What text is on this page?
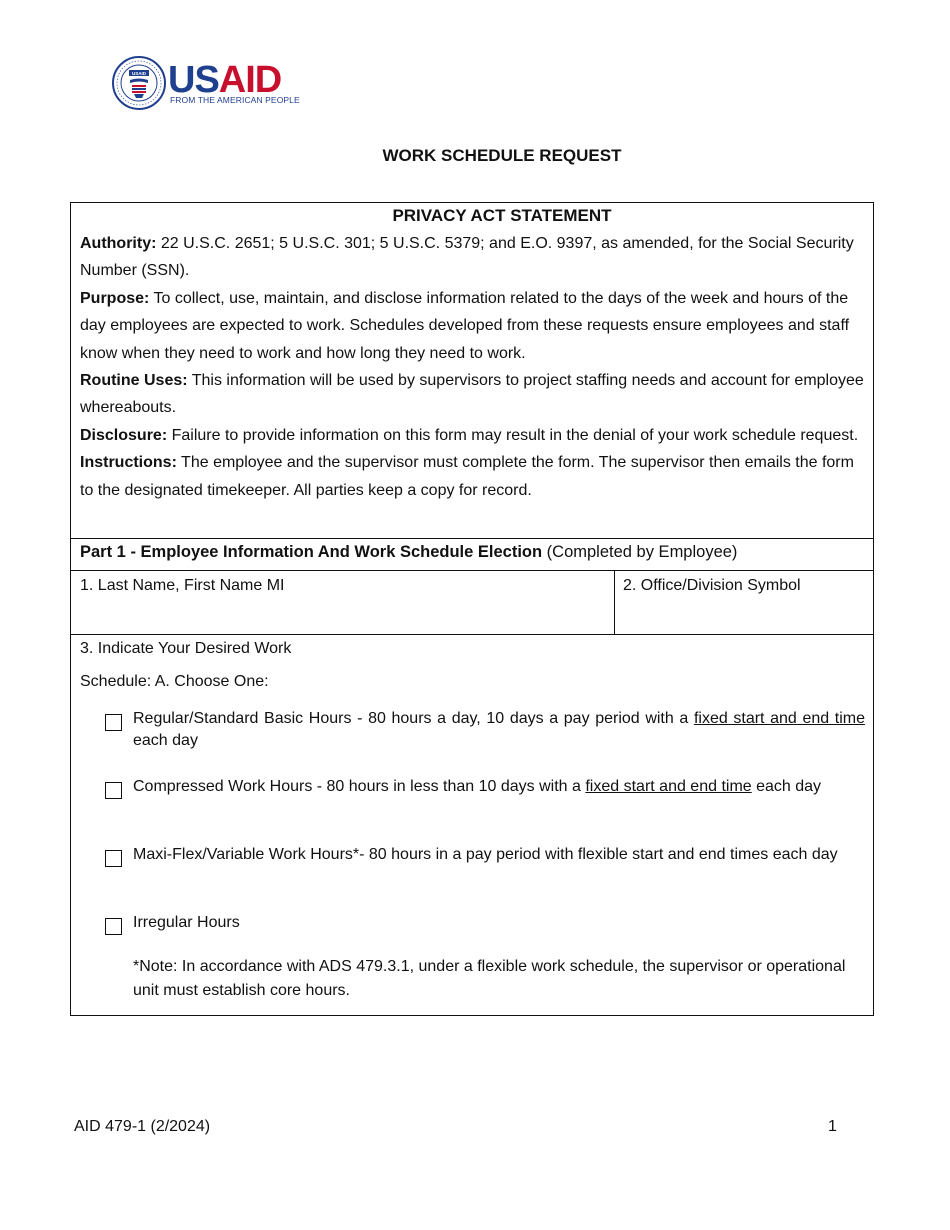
USAID USAID
FROM THE AMERICAN PEOPLE
WORK SCHEDULE REQUEST
PRIVACY ACT STATEMENT

Authority: 22 U.S.C. 2651; 5 U.S.C. 301; 5 U.S.C. 5379; and E.O. 9397, as amended, for the Social Security Number (SSN).

Purpose: To collect, use, maintain, and disclose information related to the days of the week and hours of the day employees are expected to work. Schedules developed from these requests ensure employees and staff know when they need to work and how long they need to work.

Routine Uses: This information will be used by supervisors to project staffing needs and account for employee whereabouts.

Disclosure: Failure to provide information on this form may result in the denial of your work schedule request.

Instructions: The employee and the supervisor must complete the form. The supervisor then emails the form to the designated timekeeper. All parties keep a copy for record.

Part 1 - Employee Information And Work Schedule Election (Completed by Employee)
1. Last Name, First Name MI	2. Office/Division Symbol
3. Indicate Your Desired Work
Schedule: A. Choose One:
Regular/Standard Basic Hours - 80 hours a day, 10 days a pay period with a fixed start and end time each day
Compressed Work Hours - 80 hours in less than 10 days with a fixed start and end time each day
Maxi-Flex/Variable Work Hours*- 80 hours in a pay period with flexible start and end times each day
Irregular Hours
*Note: In accordance with ADS 479.3.1, under a flexible work schedule, the supervisor or operational unit must establish core hours.
AID 479-1 (2/2024)	1
